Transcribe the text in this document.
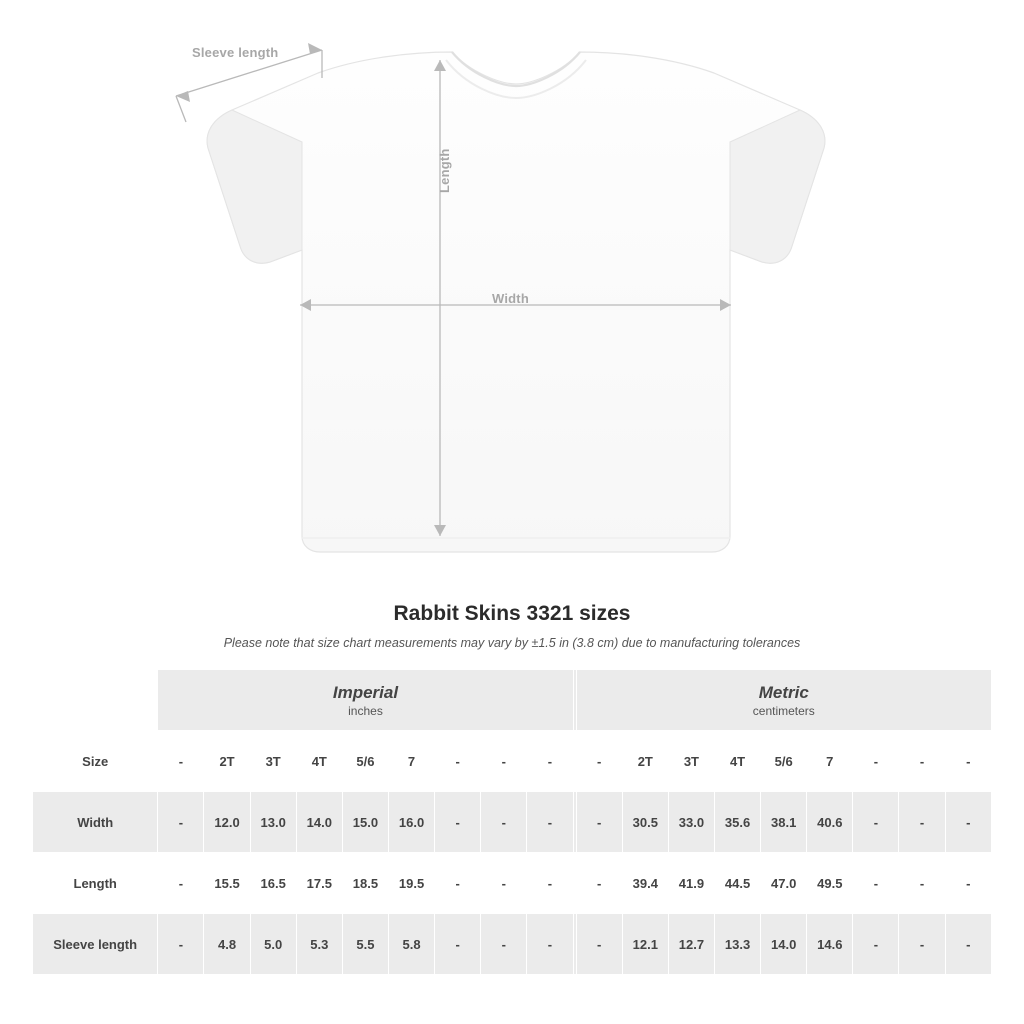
Sleeve length
Width
Length
Rabbit Skins 3321 sizes

Please note that size chart measurements may vary by ±1.5 in (3.8 cm) due to manufacturing tolerances

	Imperial
inches										Metric
centimeters								

Size	-	2T	3T	4T	5/6	7	-	-	-		-	2T	3T	4T	5/6	7	-	-	-
Width	-	12.0	13.0	14.0	15.0	16.0	-	-	-		-	30.5	33.0	35.6	38.1	40.6	-	-	-
Length	-	15.5	16.5	17.5	18.5	19.5	-	-	-		-	39.4	41.9	44.5	47.0	49.5	-	-	-
Sleeve length	-	4.8	5.0	5.3	5.5	5.8	-	-	-		-	12.1	12.7	13.3	14.0	14.6	-	-	-
